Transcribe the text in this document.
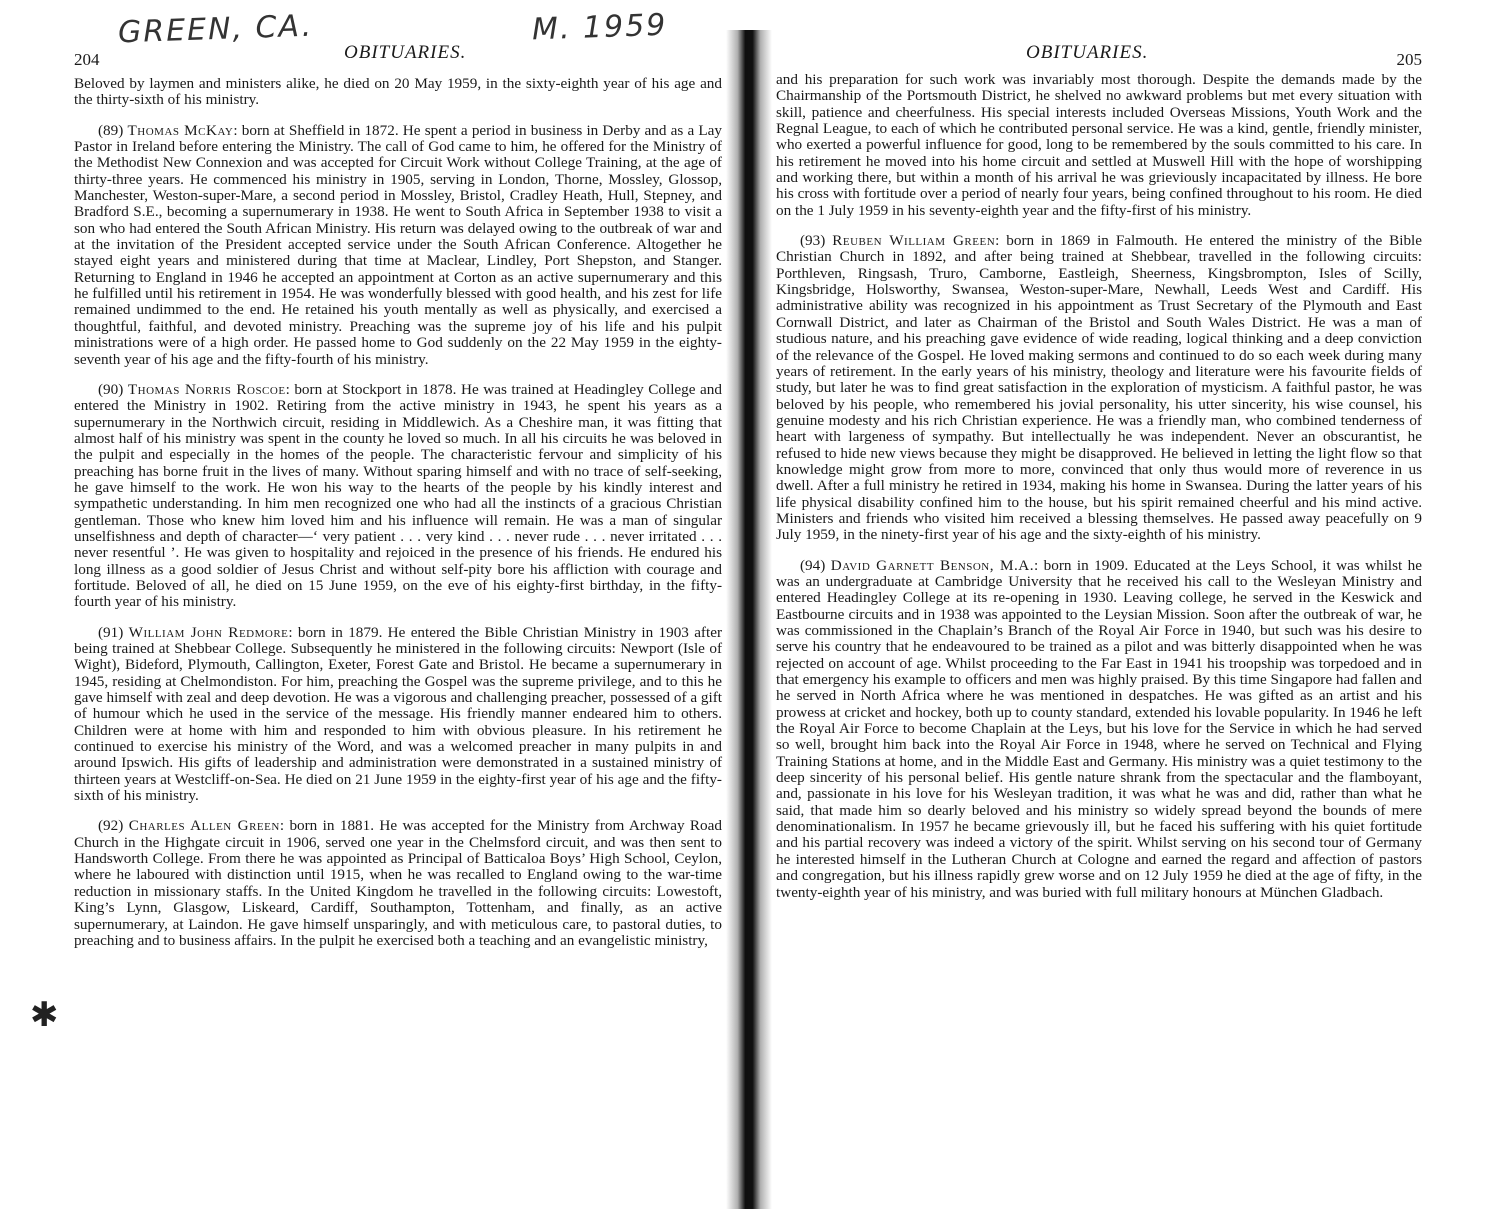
GREEN, CA.	M. 1959
✱
204	OBITUARIES.

Beloved by laymen and ministers alike, he died on 20 May 1959, in the sixty-eighth year of his age and the thirty-sixth of his ministry.

(89) Thomas McKay: born at Sheffield in 1872. He spent a period in business in Derby and as a Lay Pastor in Ireland before entering the Ministry. The call of God came to him, he offered for the Ministry of the Methodist New Connexion and was accepted for Circuit Work without College Training, at the age of thirty-three years. He commenced his ministry in 1905, serving in London, Thorne, Mossley, Glossop, Manchester, Weston-super-Mare, a second period in Mossley, Bristol, Cradley Heath, Hull, Stepney, and Bradford S.E., becoming a supernumerary in 1938. He went to South Africa in September 1938 to visit a son who had entered the South African Ministry. His return was delayed owing to the outbreak of war and at the invitation of the President accepted service under the South African Conference. Altogether he stayed eight years and ministered during that time at Maclear, Lindley, Port Shepston, and Stanger. Returning to England in 1946 he accepted an appointment at Corton as an active supernumerary and this he fulfilled until his retirement in 1954. He was wonderfully blessed with good health, and his zest for life remained undimmed to the end. He retained his youth mentally as well as physically, and exercised a thoughtful, faithful, and devoted ministry. Preaching was the supreme joy of his life and his pulpit ministrations were of a high order. He passed home to God suddenly on the 22 May 1959 in the eighty-seventh year of his age and the fifty-fourth of his ministry.

(90) Thomas Norris Roscoe: born at Stockport in 1878. He was trained at Headingley College and entered the Ministry in 1902. Retiring from the active ministry in 1943, he spent his years as a supernumerary in the Northwich circuit, residing in Middlewich. As a Cheshire man, it was fitting that almost half of his ministry was spent in the county he loved so much. In all his circuits he was beloved in the pulpit and especially in the homes of the people. The characteristic fervour and simplicity of his preaching has borne fruit in the lives of many. Without sparing himself and with no trace of self-seeking, he gave himself to the work. He won his way to the hearts of the people by his kindly interest and sympathetic understanding. In him men recognized one who had all the instincts of a gracious Christian gentleman. Those who knew him loved him and his influence will remain. He was a man of singular unselfishness and depth of character—‘ very patient . . . very kind . . . never rude . . . never irritated . . . never resentful ’. He was given to hospitality and rejoiced in the presence of his friends. He endured his long illness as a good soldier of Jesus Christ and without self-pity bore his affliction with courage and fortitude. Beloved of all, he died on 15 June 1959, on the eve of his eighty-first birthday, in the fifty-fourth year of his ministry.

(91) William John Redmore: born in 1879. He entered the Bible Christian Ministry in 1903 after being trained at Shebbear College. Subsequently he ministered in the following circuits: Newport (Isle of Wight), Bideford, Plymouth, Callington, Exeter, Forest Gate and Bristol. He became a supernumerary in 1945, residing at Chelmondiston. For him, preaching the Gospel was the supreme privilege, and to this he gave himself with zeal and deep devotion. He was a vigorous and challenging preacher, possessed of a gift of humour which he used in the service of the message. His friendly manner endeared him to others. Children were at home with him and responded to him with obvious pleasure. In his retirement he continued to exercise his ministry of the Word, and was a welcomed preacher in many pulpits in and around Ipswich. His gifts of leadership and administration were demonstrated in a sustained ministry of thirteen years at Westcliff-on-Sea. He died on 21 June 1959 in the eighty-first year of his age and the fifty-sixth of his ministry.

(92) Charles Allen Green: born in 1881. He was accepted for the Ministry from Archway Road Church in the Highgate circuit in 1906, served one year in the Chelmsford circuit, and was then sent to Handsworth College. From there he was appointed as Principal of Batticaloa Boys’ High School, Ceylon, where he laboured with distinction until 1915, when he was recalled to England owing to the war-time reduction in missionary staffs. In the United Kingdom he travelled in the following circuits: Lowestoft, King’s Lynn, Glasgow, Liskeard, Cardiff, Southampton, Tottenham, and finally, as an active supernumerary, at Laindon. He gave himself unsparingly, and with meticulous care, to pastoral duties, to preaching and to business affairs. In the pulpit he exercised both a teaching and an evangelistic ministry,

OBITUARIES.	205

and his preparation for such work was invariably most thorough. Despite the demands made by the Chairmanship of the Portsmouth District, he shelved no awkward problems but met every situation with skill, patience and cheerfulness. His special interests included Overseas Missions, Youth Work and the Regnal League, to each of which he contributed personal service. He was a kind, gentle, friendly minister, who exerted a powerful influence for good, long to be remembered by the souls committed to his care. In his retirement he moved into his home circuit and settled at Muswell Hill with the hope of worshipping and working there, but within a month of his arrival he was grieviously incapacitated by illness. He bore his cross with fortitude over a period of nearly four years, being confined throughout to his room. He died on the 1 July 1959 in his seventy-eighth year and the fifty-first of his ministry.

(93) Reuben William Green: born in 1869 in Falmouth. He entered the ministry of the Bible Christian Church in 1892, and after being trained at Shebbear, travelled in the following circuits: Porthleven, Ringsash, Truro, Camborne, Eastleigh, Sheerness, Kingsbrompton, Isles of Scilly, Kingsbridge, Holsworthy, Swansea, Weston-super-Mare, Newhall, Leeds West and Cardiff. His administrative ability was recognized in his appointment as Trust Secretary of the Plymouth and East Cornwall District, and later as Chairman of the Bristol and South Wales District. He was a man of studious nature, and his preaching gave evidence of wide reading, logical thinking and a deep conviction of the relevance of the Gospel. He loved making sermons and continued to do so each week during many years of retirement. In the early years of his ministry, theology and literature were his favourite fields of study, but later he was to find great satisfaction in the exploration of mysticism. A faithful pastor, he was beloved by his people, who remembered his jovial personality, his utter sincerity, his wise counsel, his genuine modesty and his rich Christian experience. He was a friendly man, who combined tenderness of heart with largeness of sympathy. But intellectually he was independent. Never an obscurantist, he refused to hide new views because they might be disapproved. He believed in letting the light flow so that knowledge might grow from more to more, convinced that only thus would more of reverence in us dwell. After a full ministry he retired in 1934, making his home in Swansea. During the latter years of his life physical disability confined him to the house, but his spirit remained cheerful and his mind active. Ministers and friends who visited him received a blessing themselves. He passed away peacefully on 9 July 1959, in the ninety-first year of his age and the sixty-eighth of his ministry.

(94) David Garnett Benson, M.A.: born in 1909. Educated at the Leys School, it was whilst he was an undergraduate at Cambridge University that he received his call to the Wesleyan Ministry and entered Headingley College at its re-opening in 1930. Leaving college, he served in the Keswick and Eastbourne circuits and in 1938 was appointed to the Leysian Mission. Soon after the outbreak of war, he was commissioned in the Chaplain’s Branch of the Royal Air Force in 1940, but such was his desire to serve his country that he endeavoured to be trained as a pilot and was bitterly disappointed when he was rejected on account of age. Whilst proceeding to the Far East in 1941 his troopship was torpedoed and in that emergency his example to officers and men was highly praised. By this time Singapore had fallen and he served in North Africa where he was mentioned in despatches. He was gifted as an artist and his prowess at cricket and hockey, both up to county standard, extended his lovable popularity. In 1946 he left the Royal Air Force to become Chaplain at the Leys, but his love for the Service in which he had served so well, brought him back into the Royal Air Force in 1948, where he served on Technical and Flying Training Stations at home, and in the Middle East and Germany. His ministry was a quiet testimony to the deep sincerity of his personal belief. His gentle nature shrank from the spectacular and the flamboyant, and, passionate in his love for his Wesleyan tradition, it was what he was and did, rather than what he said, that made him so dearly beloved and his ministry so widely spread beyond the bounds of mere denominationalism. In 1957 he became grievously ill, but he faced his suffering with his quiet fortitude and his partial recovery was indeed a victory of the spirit. Whilst serving on his second tour of Germany he interested himself in the Lutheran Church at Cologne and earned the regard and affection of pastors and congregation, but his illness rapidly grew worse and on 12 July 1959 he died at the age of fifty, in the twenty-eighth year of his ministry, and was buried with full military honours at München Gladbach.
